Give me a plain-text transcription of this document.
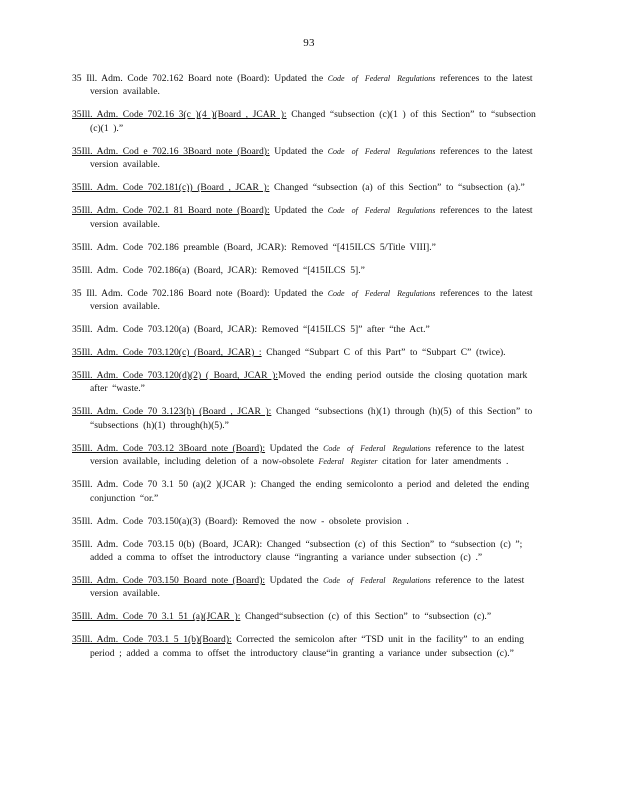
93
35 Ill. Adm. Code 702.162 Board note (Board): Updated the Code of Federal Regulations references to the latest version available.
35Ill. Adm. Code 702.16 3(c )(4 )(Board , JCAR ): Changed “subsection (c)(1 ) of this Section” to “subsection (c)(1 ).”
35Ill. Adm. Cod e 702.16 3Board note (Board): Updated the Code of Federal Regulations references to the latest version available.
35Ill. Adm. Code 702.181(c)) (Board , JCAR ): Changed “subsection (a) of this Section” to “subsection (a).”
35Ill. Adm. Code 702.1 81 Board note (Board): Updated the Code of Federal Regulations references to the latest version available.
35Ill. Adm. Code 702.186 preamble (Board, JCAR): Removed “[415ILCS 5/Title VIII].”
35Ill. Adm. Code 702.186(a) (Board, JCAR): Removed “[415ILCS 5].”
35 Ill. Adm. Code 702.186 Board note (Board): Updated the Code of Federal Regulations references to the latest version available.
35Ill. Adm. Code 703.120(a) (Board, JCAR): Removed “[415ILCS 5]” after “the Act.”
35Ill. Adm. Code 703.120(c) (Board, JCAR) : Changed “Subpart C of this Part” to “Subpart C” (twice).
35Ill. Adm. Code 703.120(d)(2) ( Board, JCAR ):Moved the ending period outside the closing quotation mark after “waste.”
35Ill. Adm. Code 70 3.123(h) (Board , JCAR ): Changed “subsections (h)(1) through (h)(5) of this Section” to “subsections (h)(1) through(h)(5).”
35Ill. Adm. Code 703.12 3Board note (Board): Updated the Code of Federal Regulations reference to the latest version available, including deletion of a now-obsolete Federal Register citation for later amendments .
35Ill. Adm. Code 70 3.1 50 (a)(2 )(JCAR ): Changed the ending semicolonto a period and deleted the ending conjunction “or.”
35Ill. Adm. Code 703.150(a)(3) (Board): Removed the now - obsolete provision .
35Ill. Adm. Code 703.15 0(b) (Board, JCAR): Changed “subsection (c) of this Section” to “subsection (c) ”; added a comma to offset the introductory clause “ingranting a variance under subsection (c) .”
35Ill. Adm. Code 703.150 Board note (Board): Updated the Code of Federal Regulations reference to the latest version available.
35Ill. Adm. Code 70 3.1 51 (a)(JCAR ): Changed“subsection (c) of this Section” to “subsection (c).”
35Ill. Adm. Code 703.1 5 1(b)(Board): Corrected the semicolon after “TSD unit in the facility” to an ending period ; added a comma to offset the introductory clause“in granting a variance under subsection (c).”
